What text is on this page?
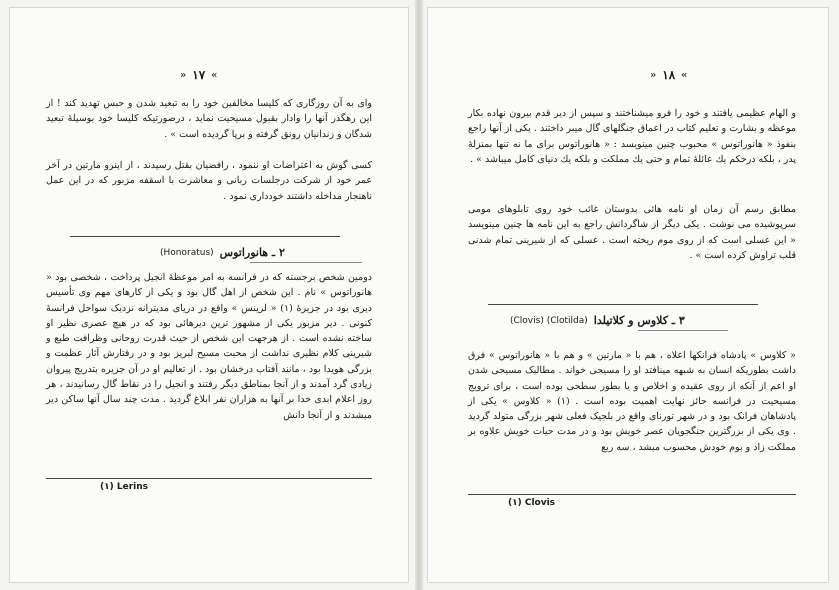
» ۱۷ «

وای به آن روزگاری که کلیسا مخالفین خود را به تبعید شدن و حبس تهدید کند ! از این رهگذر آنها را وادار بقبول مسیحیت نماید ، درصورتیکه کلیسا خود بوسیلهٔ تبعید شدگان و زندانیان رونق گرفته و برپا گردیده است » .

کسی گوش به اعتراضات او ننمود ، رافضیان بقتل رسیدند ، از اینرو مارتین در آخر عمر خود از شرکت درجلسات ربانی و معاشرت با اسقفه مزبور که در این عمل ناهنجار مداخله داشتند خودداری نمود .

۲ ـ هانوراتوس
(Honoratus)

دومین شخص برجسته که در فرانسه به امر موعظهٔ انجیل پرداخت ، شخصی بود « هانوراتوس » نام . این شخص از اهل گال بود و یکی از کارهای مهم وی تأسیس دیری بود در جزیرهٔ (۱) « لرینس » واقع در دریای مدیترانه نزدیک سواحل فرانسهٔ کنونی . دیر مزبور یکی از مشهور ترین دیرهائی بود که در هیچ عصری نظیر او ساخته نشده است . از هرجهت این شخص از حیث قدرت روحانی وظرافت طبع و شیرینی کلام نظیری نداشت از محبت مسیح لبریز بود و در رفتارش آثار عظمت و بزرگی هویدا بود ، مانند آفتاب درخشان بود . از تعالیم او در آن جزیره بتدریج پیروان زیادی گرد آمدند و از آنجا بمناطق دیگر رفتند و انجیل را در نقاط گال رسانیدند ، هر روز اعلام ابدی خدا بر آنها به هزاران نفر ابلاغ گردید . مدت چند سال آنها ساکن دیر میشدند و از آنجا دانش

(۱) Lerins
» ۱۸ «

و الهام عظیمی یافتند و خود را فرو میشناختند و سپس از دیر قدم بیرون نهاده بکار موعظه و بشارت و تعلیم کتاب در اعماق جنگلهای گال میبر داختند . یکی از آنها راجع بنفوذ « هانوراتوس » محبوب چنین مینویسد : « هانوراتوس برای ما نه تنها بمنزلهٔ پدر ، بلکه درحکم یك عائلهٔ تمام و حتی یك مملکت و بلکه یك دنیای کامل میباشد » .

مطابق رسم آن زمان او نامه هائی بدوستان غائب خود روی تابلوهای مومی سرپوشیده می نوشت . یکی دیگر از شاگردانش راجع به این نامه ها چنین مینویسد « این عسلی است که از روی موم ریخته است . عسلی که از شیرینی تمام شدنی قلب تراوش کرده است » .

۳ ـ کلاوس و کلاتیلدا
(Clovis) (Clotilda)

« کلاوس » پادشاه فرانکها اعلاه ، هم با « مارتین » و هم با « هانوراتوس » فرق داشت بطوریکه انسان به شبهه مینافتد او را مسیحی خواند . مطالبک مسیحی شدن او اعم از آنکه از روی عقیده و اخلاص و یا بطور سطحی بوده است ، برای ترویج مسیحیت در فرانسه حائز نهایت اهمیت بوده است . (۱) « کلاوس » یکی از پادشاهان فرانک بود و در شهر تورنای واقع در بلجیک فعلی شهر بزرگی متولد گردید . وی یکی از بزرگترین جنگجویان عصر خویش بود و در مدت حیات خویش علاوه بر مملکت زاد و بوم خودش محسوب میشد ، سه ربع

(۱) Clovis
